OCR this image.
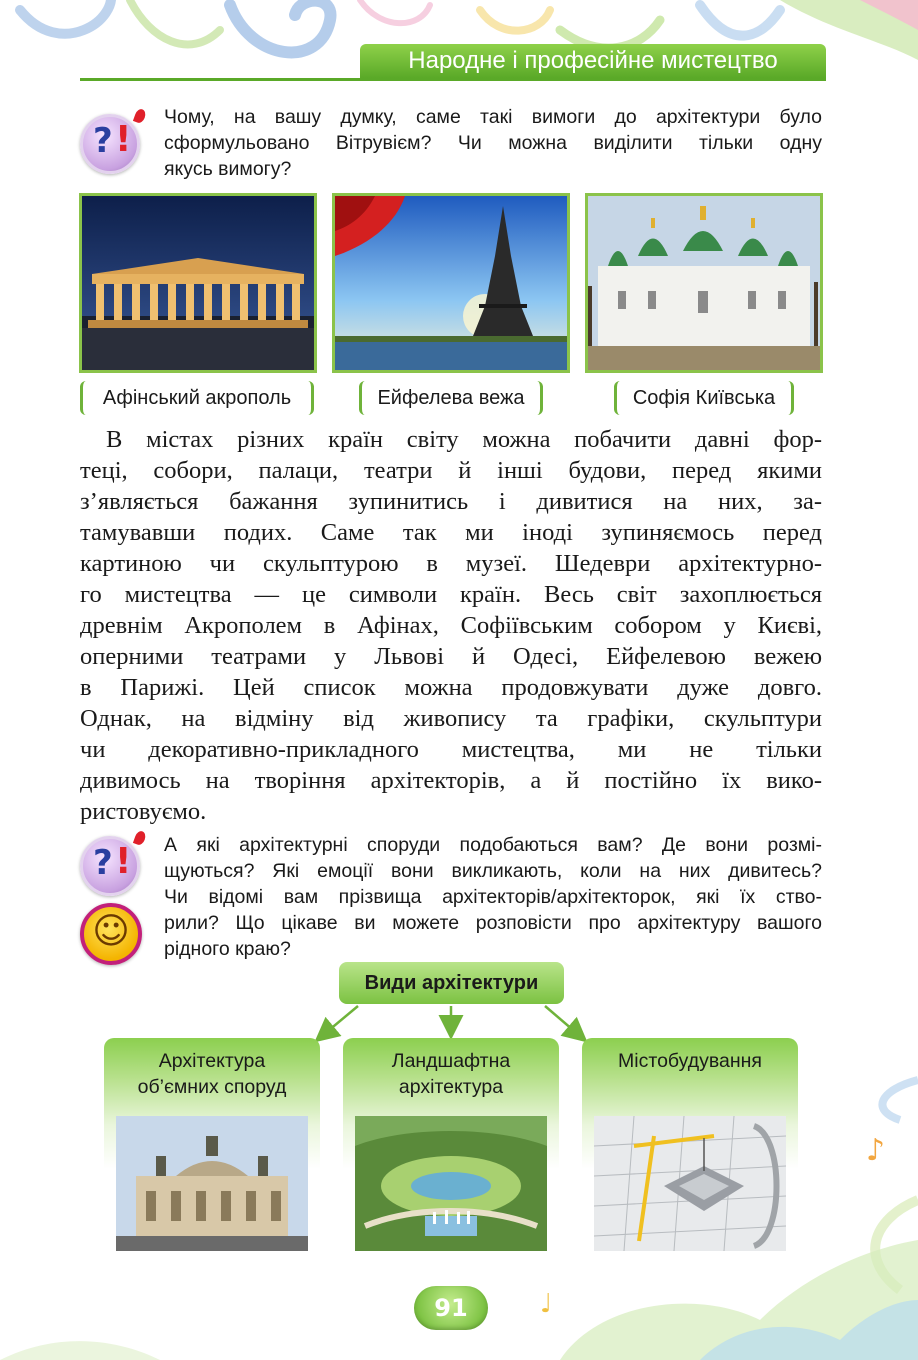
♪
♩
Народне і професійне мистецтво
? !
Чому, на вашу думку, саме такі вимоги до архітектури було
сформульовано Вітрувієм? Чи можна виділити тільки одну
якусь вимогу?
Афінський акрополь	Ейфелева вежа	Софія Київська
В містах різних країн світу можна побачити давні фор-
теці, собори, палаци, театри й інші будови, перед якими
з’являється бажання зупинитись і дивитися на них, за-
тамувавши подих. Саме так ми іноді зупиняємось перед
картиною чи скульптурою в музеї. Шедеври архітектурно-
го мистецтва — це символи країн. Весь світ захоплюється
древнім Акрополем в Афінах, Софіївським собором у Києві,
оперними театрами у Львові й Одесі, Ейфелевою вежею
в Парижі. Цей список можна продовжувати дуже довго.
Однак, на відміну від живопису та графіки, скульптури
чи декоративно-прикладного мистецтва, ми не тільки
дивимось на творіння архітекторів, а й постійно їх вико-
ристовуємо.
? !
☺
А які архітектурні споруди подобаються вам? Де вони розмі-
щуються? Які емоції вони викликають, коли на них дивитесь?
Чи відомі вам прізвища архітекторів/архітекторок, які їх ство-
рили? Що цікаве ви можете розповісти про архітектуру вашого
рідного краю?
Види архітектури
Архітектура
об’ємних споруд
Ландшафтна
архітектура
Містобудування
91
